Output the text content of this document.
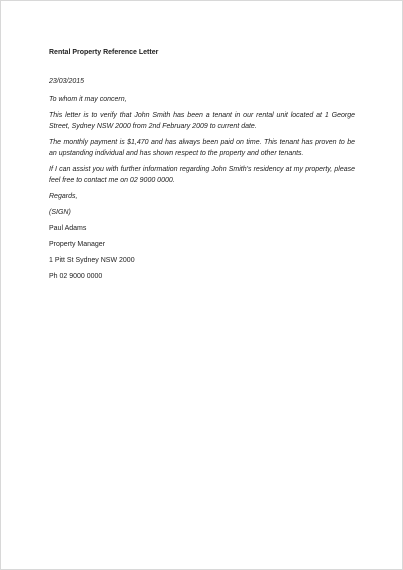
Rental Property Reference Letter

23/03/2015

To whom it may concern,

This letter is to verify that John Smith has been a tenant in our rental unit located at 1 George Street, Sydney NSW 2000 from 2nd February 2009 to current date.

The monthly payment is $1,470 and has always been paid on time. This tenant has proven to be an upstanding individual and has shown respect to the property and other tenants.

If I can assist you with further information regarding John Smith's residency at my property, please feel free to contact me on 02 9000 0000.

Regards,

(SIGN)

Paul Adams

Property Manager

1 Pitt St Sydney NSW 2000

Ph 02 9000 0000
